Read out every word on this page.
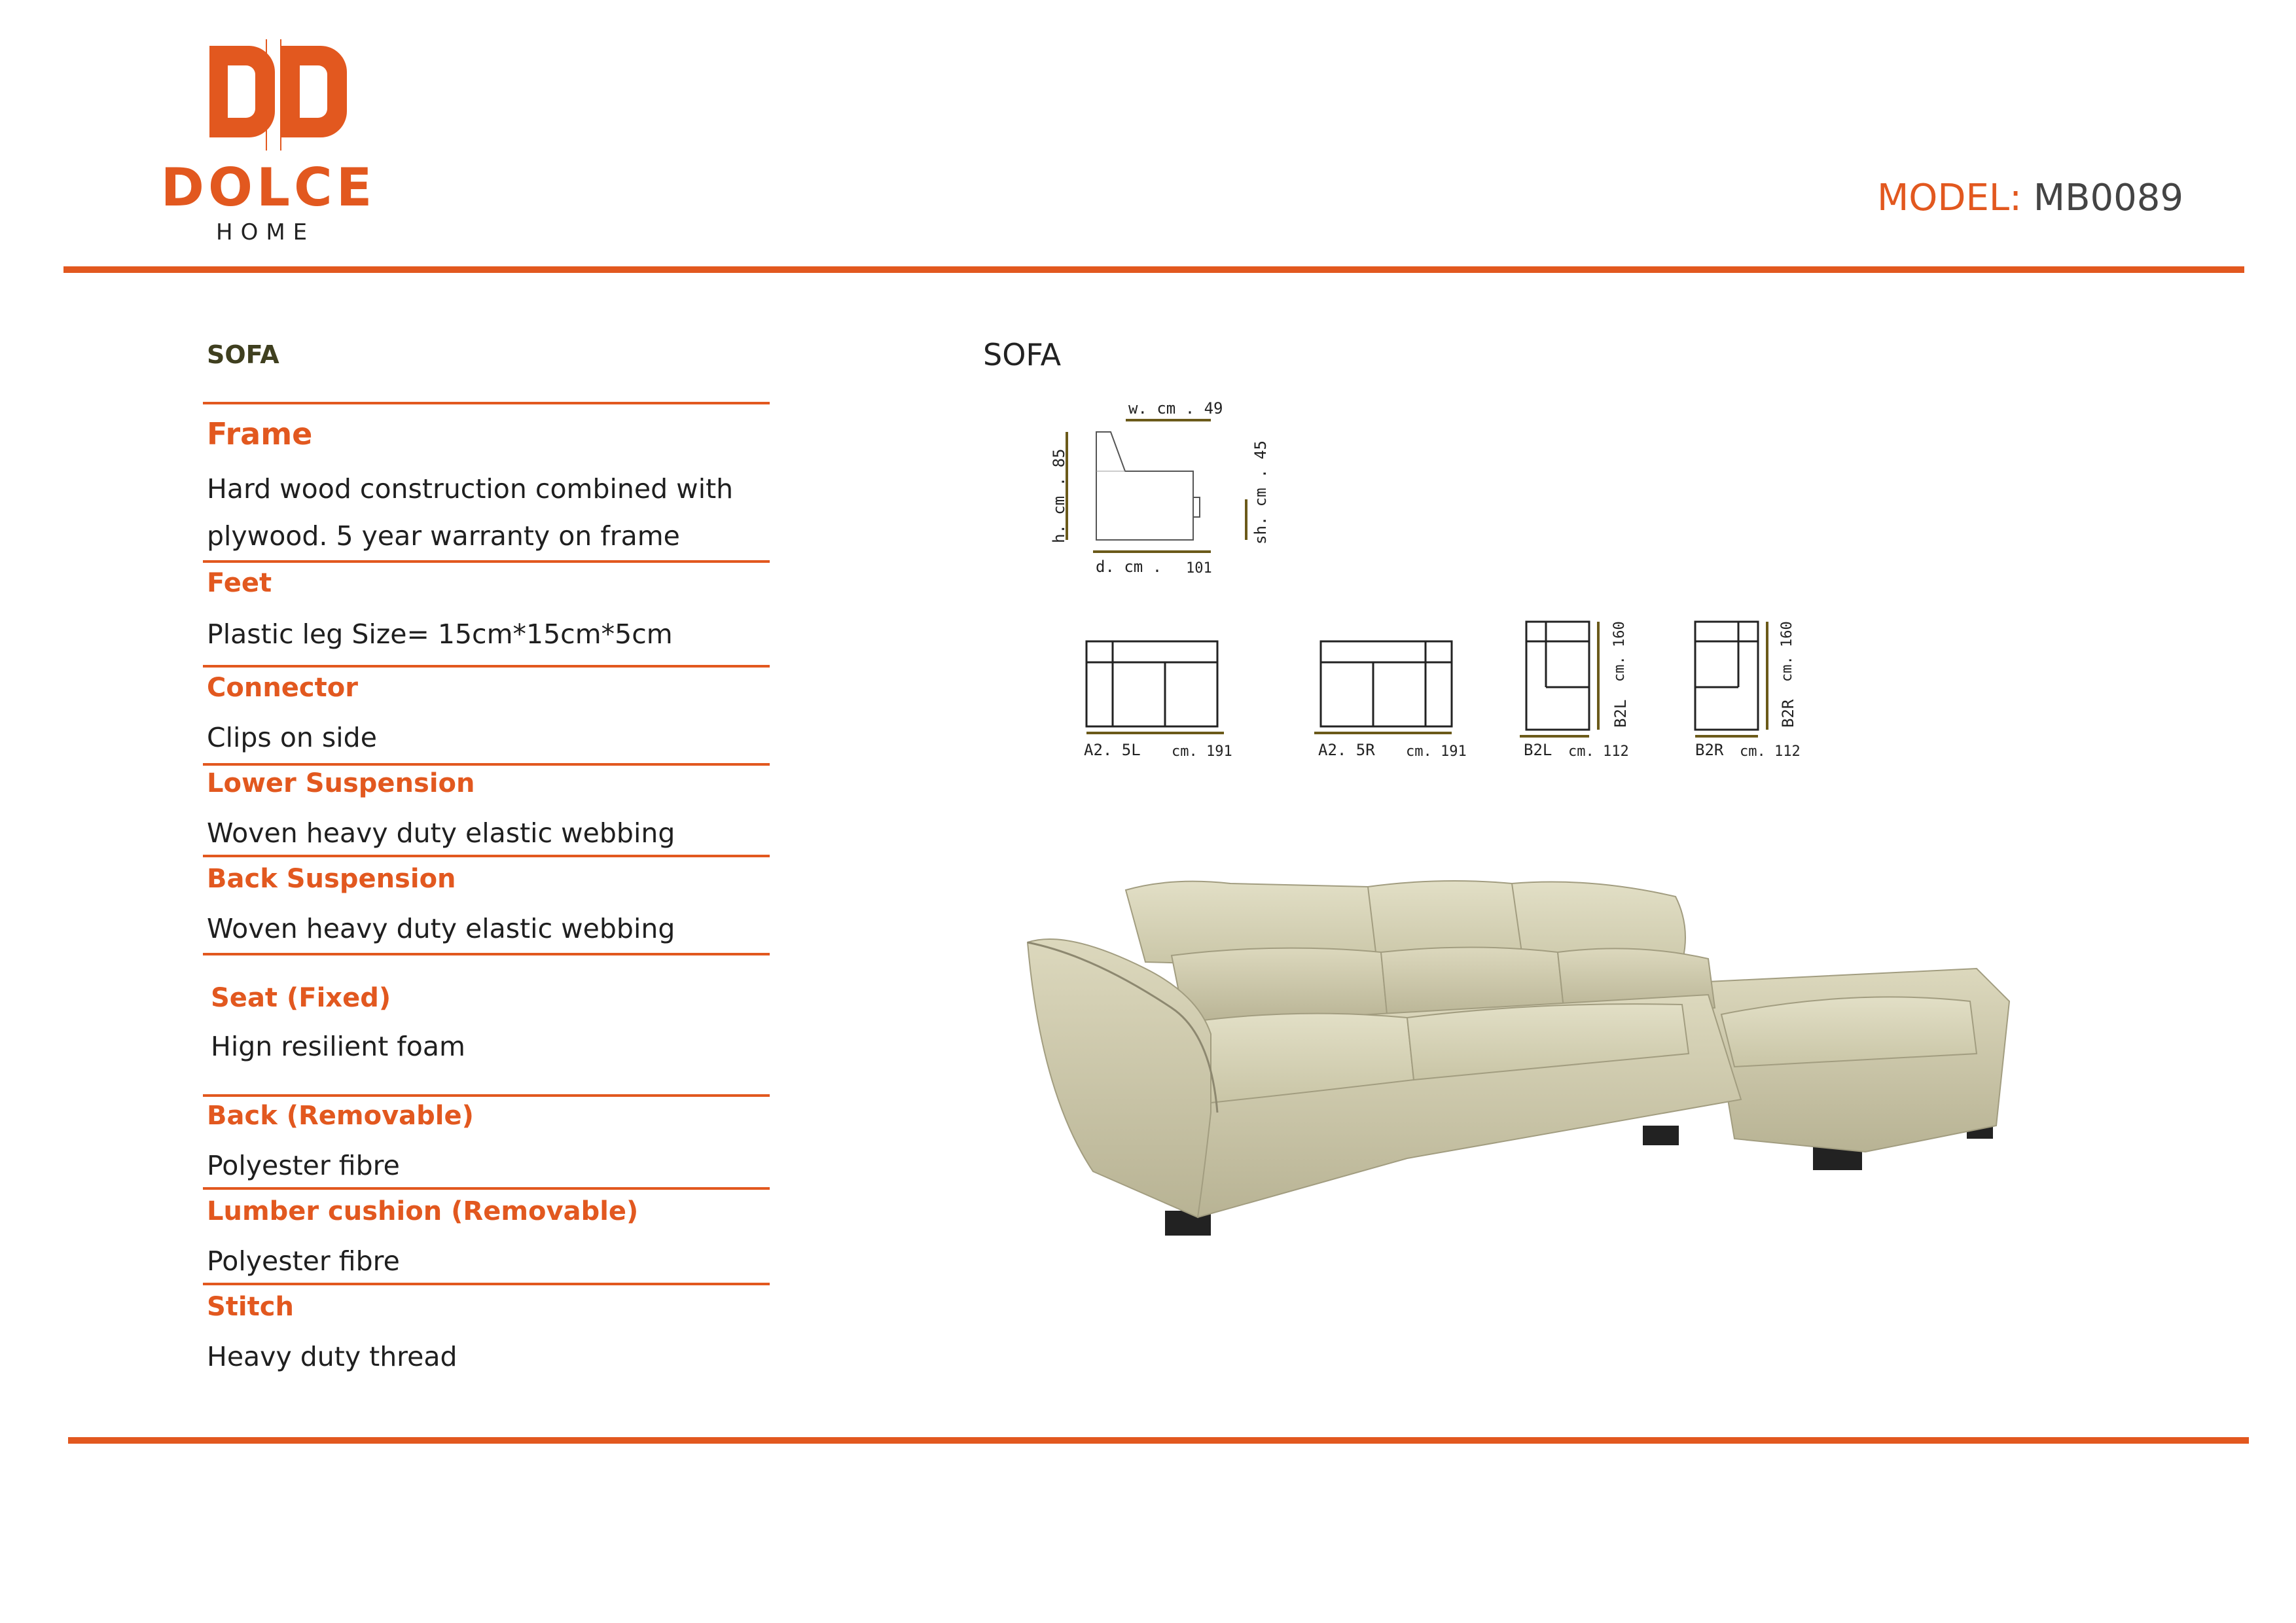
DOLCE
HOME
MODEL: MB0089
SOFA
Frame
Hard wood construction combined with
plywood. 5 year warranty on frame
Feet
Plastic leg Size= 15cm*15cm*5cm
Connector
Clips on side
Lower Suspension
Woven heavy duty elastic webbing
Back Suspension
Woven heavy duty elastic webbing
Seat (Fixed)
Hign resilient foam
Back (Removable)
Polyester fibre
Lumber cushion (Removable)
Polyester fibre
Stitch
Heavy duty thread
SOFA
w. cm . 49
h. cm . 85	sh. cm . 45
d. cm . 101
A2. 5L cm. 191	A2. 5R cm. 191
B2L
cm. 160
B2L cm. 112
B2R
cm. 160
B2R cm. 112
